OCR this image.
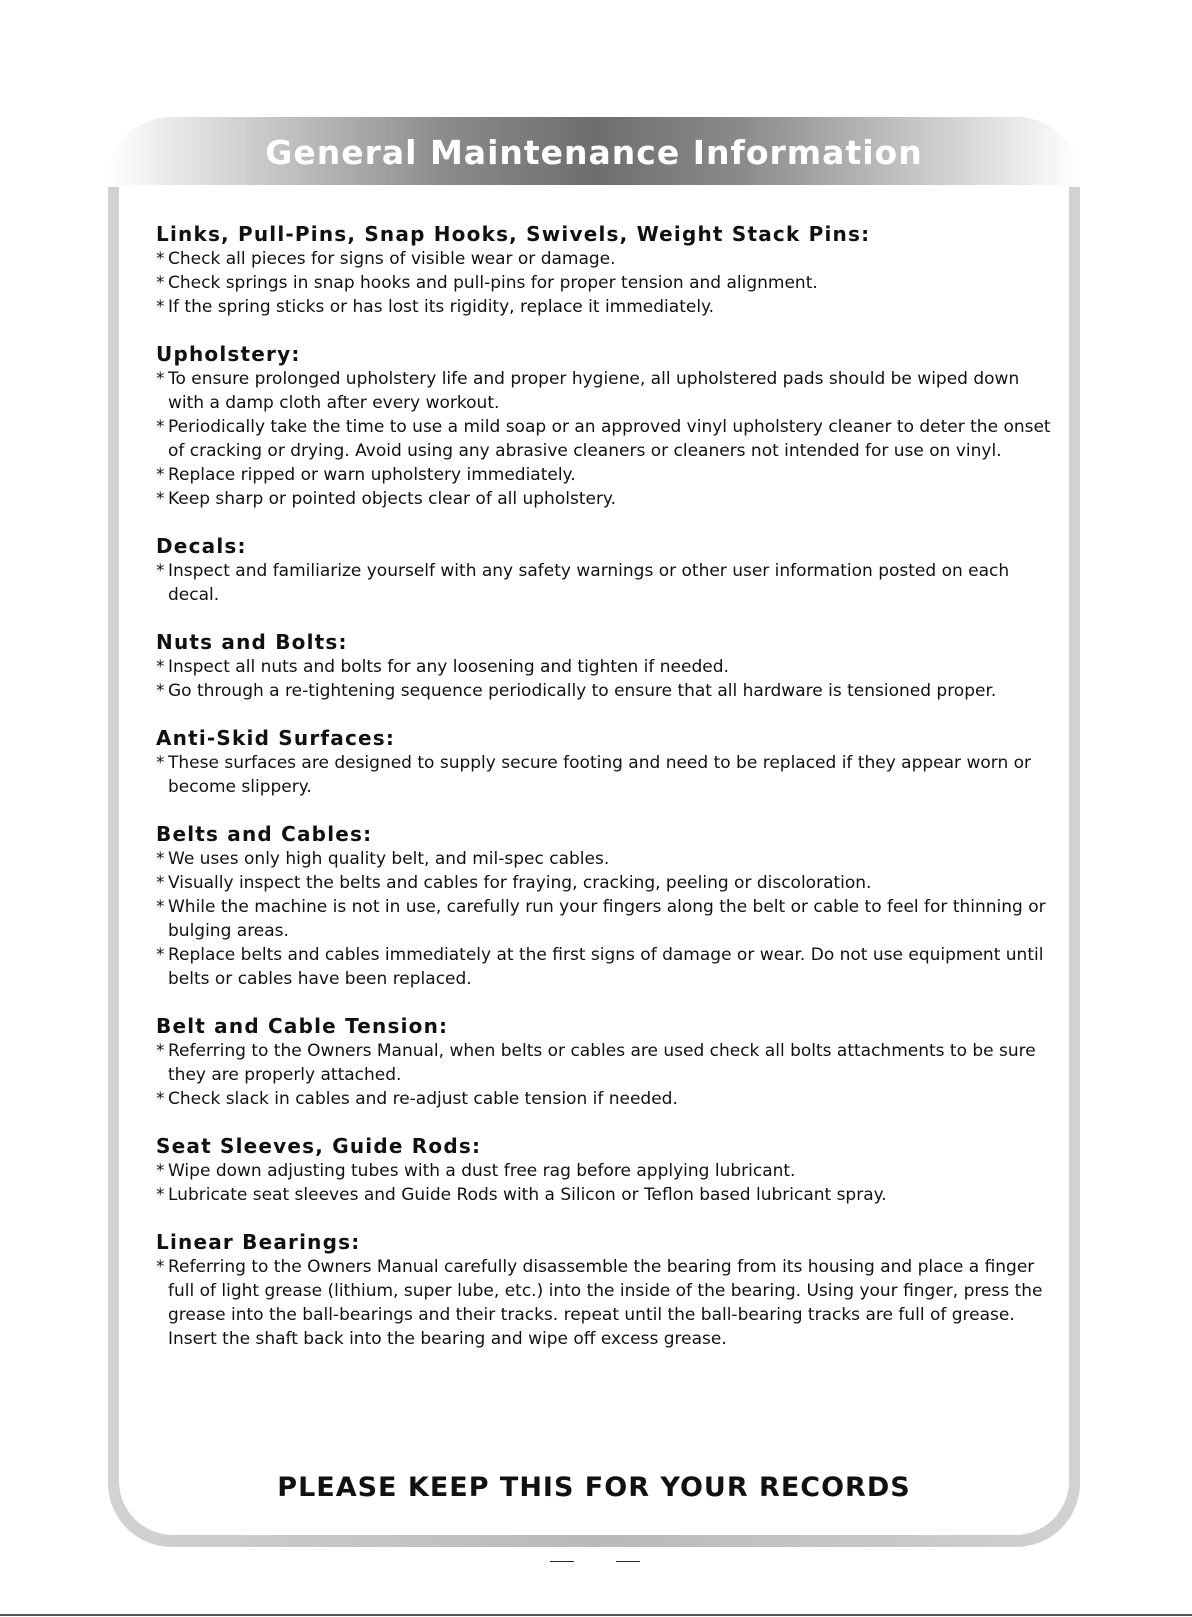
General Maintenance Information
Links, Pull-Pins, Snap Hooks, Swivels, Weight Stack Pins:
* Check all pieces for signs of visible wear or damage.
* Check springs in snap hooks and pull-pins for proper tension and alignment.
* If the spring sticks or has lost its rigidity, replace it immediately.
Upholstery:
* To ensure prolonged upholstery life and proper hygiene, all upholstered pads should be wiped down with a damp cloth after every workout.
* Periodically take the time to use a mild soap or an approved vinyl upholstery cleaner to deter the onset of cracking or drying. Avoid using any abrasive cleaners or cleaners not intended for use on vinyl.
* Replace ripped or warn upholstery immediately.
* Keep sharp or pointed objects clear of all upholstery.
Decals:
* Inspect and familiarize yourself with any safety warnings or other user information posted on each decal.
Nuts and Bolts:
* Inspect all nuts and bolts for any loosening and tighten if needed.
* Go through a re-tightening sequence periodically to ensure that all hardware is tensioned proper.
Anti-Skid Surfaces:
* These surfaces are designed to supply secure footing and need to be replaced if they appear worn or become slippery.
Belts and Cables:
* We uses only high quality belt, and mil-spec cables.
* Visually inspect the belts and cables for fraying, cracking, peeling or discoloration.
* While the machine is not in use, carefully run your fingers along the belt or cable to feel for thinning or bulging areas.
* Replace belts and cables immediately at the first signs of damage or wear. Do not use equipment until belts or cables have been replaced.
Belt and Cable Tension:
* Referring to the Owners Manual, when belts or cables are used check all bolts attachments to be sure they are properly attached.
* Check slack in cables and re-adjust cable tension if needed.
Seat Sleeves, Guide Rods:
* Wipe down adjusting tubes with a dust free rag before applying lubricant.
* Lubricate seat sleeves and Guide Rods with a Silicon or Teflon based lubricant spray.
Linear Bearings:
* Referring to the Owners Manual carefully disassemble the bearing from its housing and place a finger full of light grease (lithium, super lube, etc.) into the inside of the bearing. Using your finger, press the grease into the ball-bearings and their tracks. repeat until the ball-bearing tracks are full of grease. Insert the shaft back into the bearing and wipe off excess grease.
PLEASE KEEP THIS FOR YOUR RECORDS
